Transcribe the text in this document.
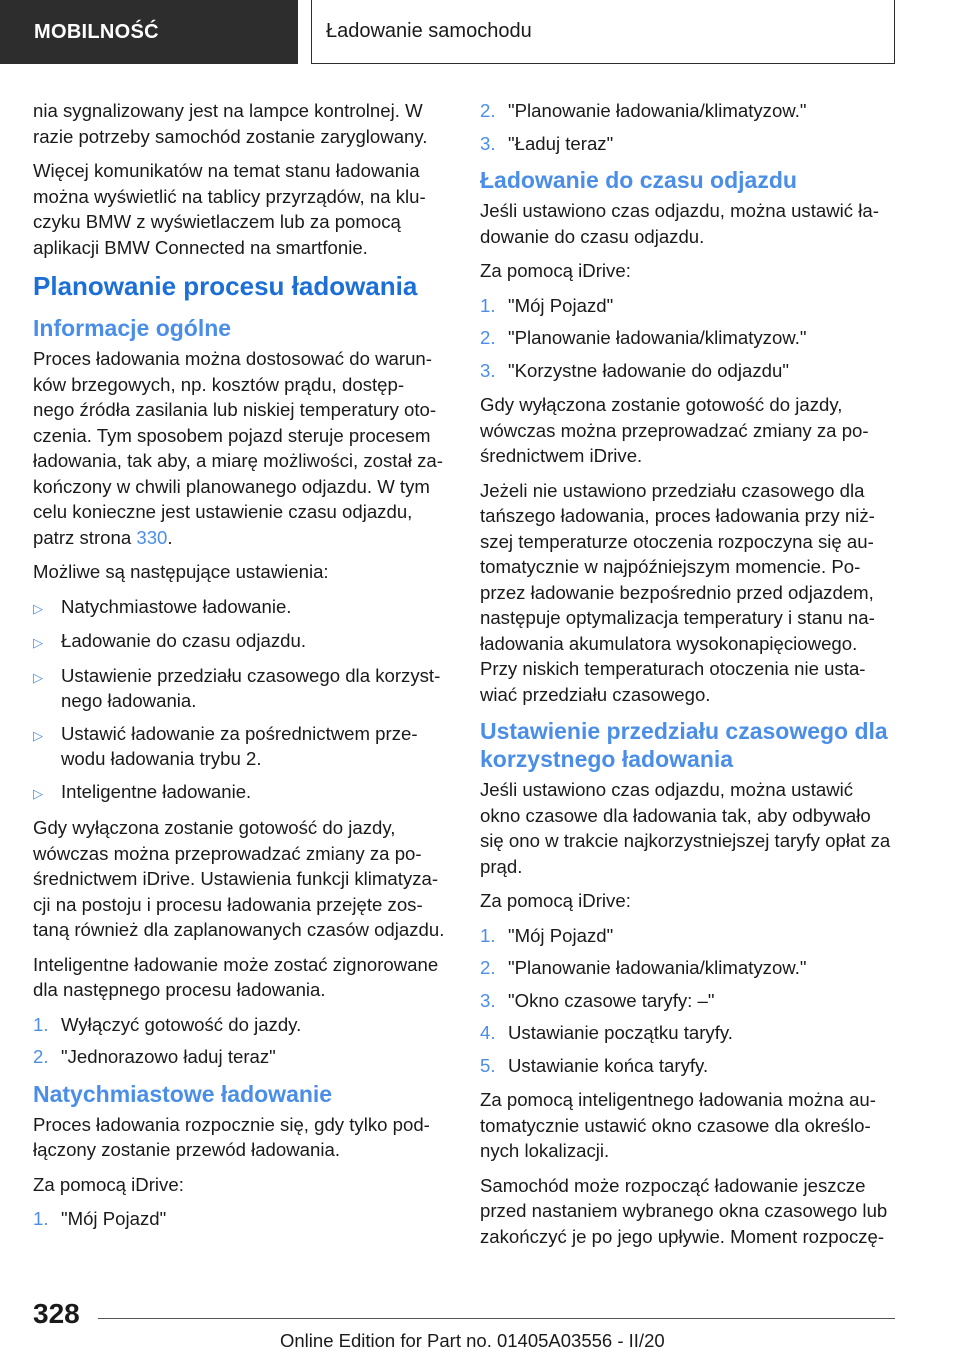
MOBILNOŚĆ	Ładowanie samochodu

nia sygnalizowany jest na lampce kontrolnej. W razie potrzeby samochód zostanie zaryglowany.

Więcej komunikatów na temat stanu ładowania można wyświetlić na tablicy przyrządów, na klu- czyku BMW z wyświetlaczem lub za pomocą aplikacji BMW Connected na smartfonie.

Planowanie procesu ładowania
Informacje ogólne

Proces ładowania można dostosować do warun- ków brzegowych, np. kosztów prądu, dostęp- nego źródła zasilania lub niskiej temperatury oto- czenia. Tym sposobem pojazd steruje procesem ładowania, tak aby, a miarę możliwości, został za- kończony w chwili planowanego odjazdu. W tym celu konieczne jest ustawienie czasu odjazdu, patrz strona 330.

Możliwe są następujące ustawienia:

▷ Natychmiastowe ładowanie.
▷ Ładowanie do czasu odjazdu.
▷ Ustawienie przedziału czasowego dla korzyst- nego ładowania.
▷ Ustawić ładowanie za pośrednictwem prze- wodu ładowania trybu 2.
▷ Inteligentne ładowanie.

Gdy wyłączona zostanie gotowość do jazdy, wówczas można przeprowadzać zmiany za po- średnictwem iDrive. Ustawienia funkcji klimatyza- cji na postoju i procesu ładowania przejęte zos- taną również dla zaplanowanych czasów odjazdu.

Inteligentne ładowanie może zostać zignorowane dla następnego procesu ładowania.

1. Wyłączyć gotowość do jazdy.
2. "Jednorazowo ładuj teraz"
Natychmiastowe ładowanie

Proces ładowania rozpocznie się, gdy tylko pod- łączony zostanie przewód ładowania.

Za pomocą iDrive:

1. "Mój Pojazd"
2. "Planowanie ładowania/klimatyzow."
3. "Ładuj teraz"
Ładowanie do czasu odjazdu

Jeśli ustawiono czas odjazdu, można ustawić ła- dowanie do czasu odjazdu.

Za pomocą iDrive:

1. "Mój Pojazd"
2. "Planowanie ładowania/klimatyzow."
3. "Korzystne ładowanie do odjazdu"

Gdy wyłączona zostanie gotowość do jazdy, wówczas można przeprowadzać zmiany za po- średnictwem iDrive.

Jeżeli nie ustawiono przedziału czasowego dla tańszego ładowania, proces ładowania przy niż- szej temperaturze otoczenia rozpoczyna się au- tomatycznie w najpóźniejszym momencie. Po- przez ładowanie bezpośrednio przed odjazdem, następuje optymalizacja temperatury i stanu na- ładowania akumulatora wysokonapięciowego. Przy niskich temperaturach otoczenia nie usta- wiać przedziału czasowego.

Ustawienie przedziału czasowego dla korzystnego ładowania

Jeśli ustawiono czas odjazdu, można ustawić okno czasowe dla ładowania tak, aby odbywało się ono w trakcie najkorzystniejszej taryfy opłat za prąd.

Za pomocą iDrive:

1. "Mój Pojazd"
2. "Planowanie ładowania/klimatyzow."
3. "Okno czasowe taryfy: –"
4. Ustawianie początku taryfy.
5. Ustawianie końca taryfy.

Za pomocą inteligentnego ładowania można au- tomatycznie ustawić okno czasowe dla określo- nych lokalizacji.

Samochód może rozpocząć ładowanie jeszcze przed nastaniem wybranego okna czasowego lub zakończyć je po jego upływie. Moment rozpoczę-

328
Online Edition for Part no. 01405A03556 - II/20
